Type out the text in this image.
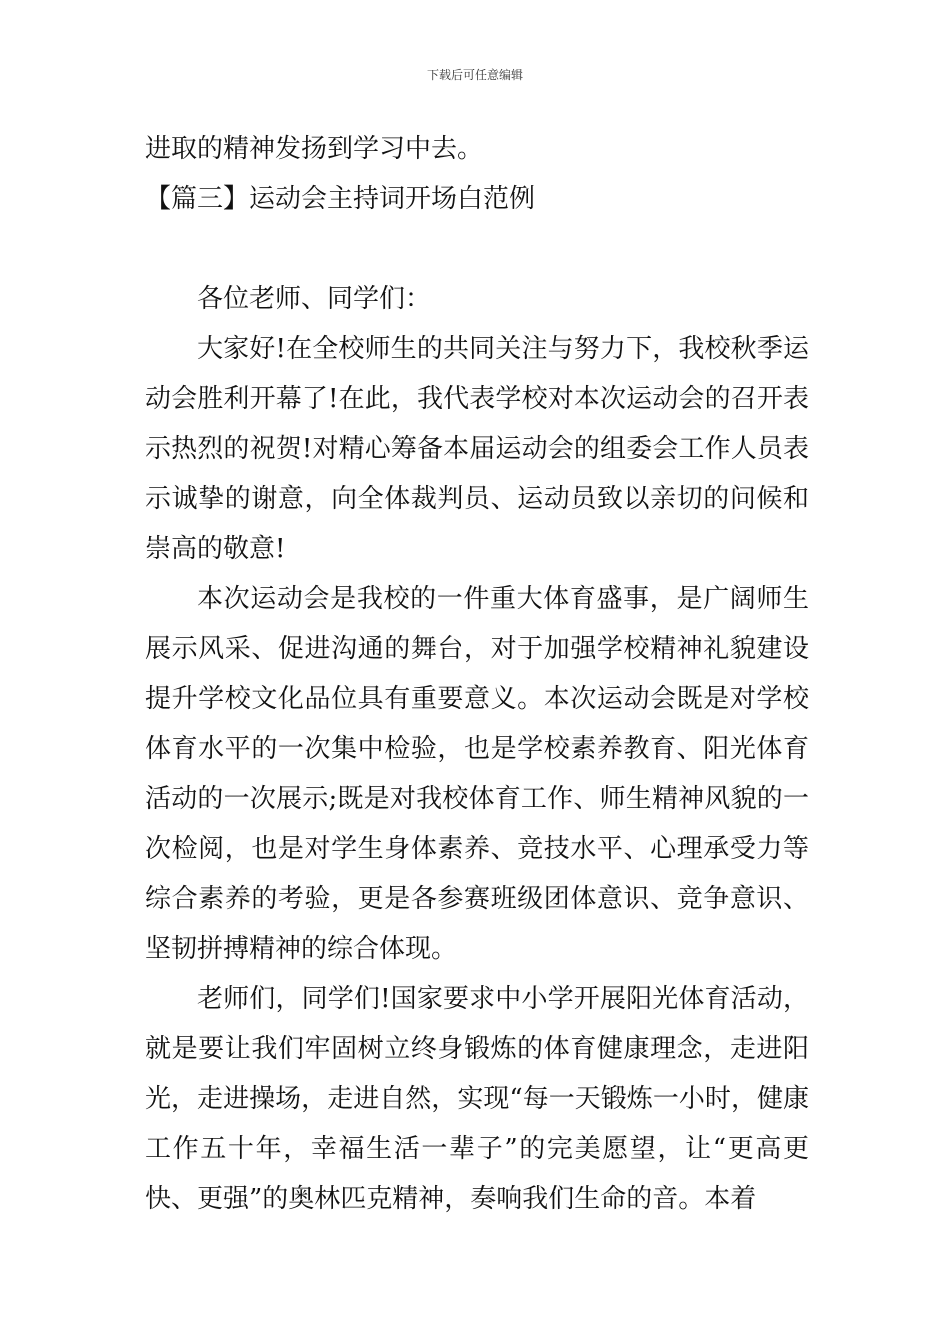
下载后可任意编辑
进取的精神发扬到学习中去。
【篇三】运动会主持词开场白范例

各位老师、同学们：

大家好!在全校师生的共同关注与努力下，我校秋季运动会胜利开幕了!在此，我代表学校对本次运动会的召开表示热烈的祝贺!对精心筹备本届运动会的组委会工作人员表示诚挚的谢意，向全体裁判员、运动员致以亲切的问候和崇高的敬意!

本次运动会是我校的一件重大体育盛事，是广阔师生展示风采、促进沟通的舞台，对于加强学校精神礼貌建设提升学校文化品位具有重要意义。本次运动会既是对学校体育水平的一次集中检验，也是学校素养教育、阳光体育活动的一次展示;既是对我校体育工作、师生精神风貌的一次检阅，也是对学生身体素养、竞技水平、心理承受力等综合素养的考验，更是各参赛班级团体意识、竞争意识、坚韧拼搏精神的综合体现。

老师们，同学们!国家要求中小学开展阳光体育活动，就是要让我们牢固树立终身锻炼的体育健康理念，走进阳光，走进操场，走进自然，实现“每一天锻炼一小时，健康工作五十年，幸福生活一辈子”的完美愿望，让“更高更快、更强”的奥林匹克精神，奏响我们生命的音。本着
